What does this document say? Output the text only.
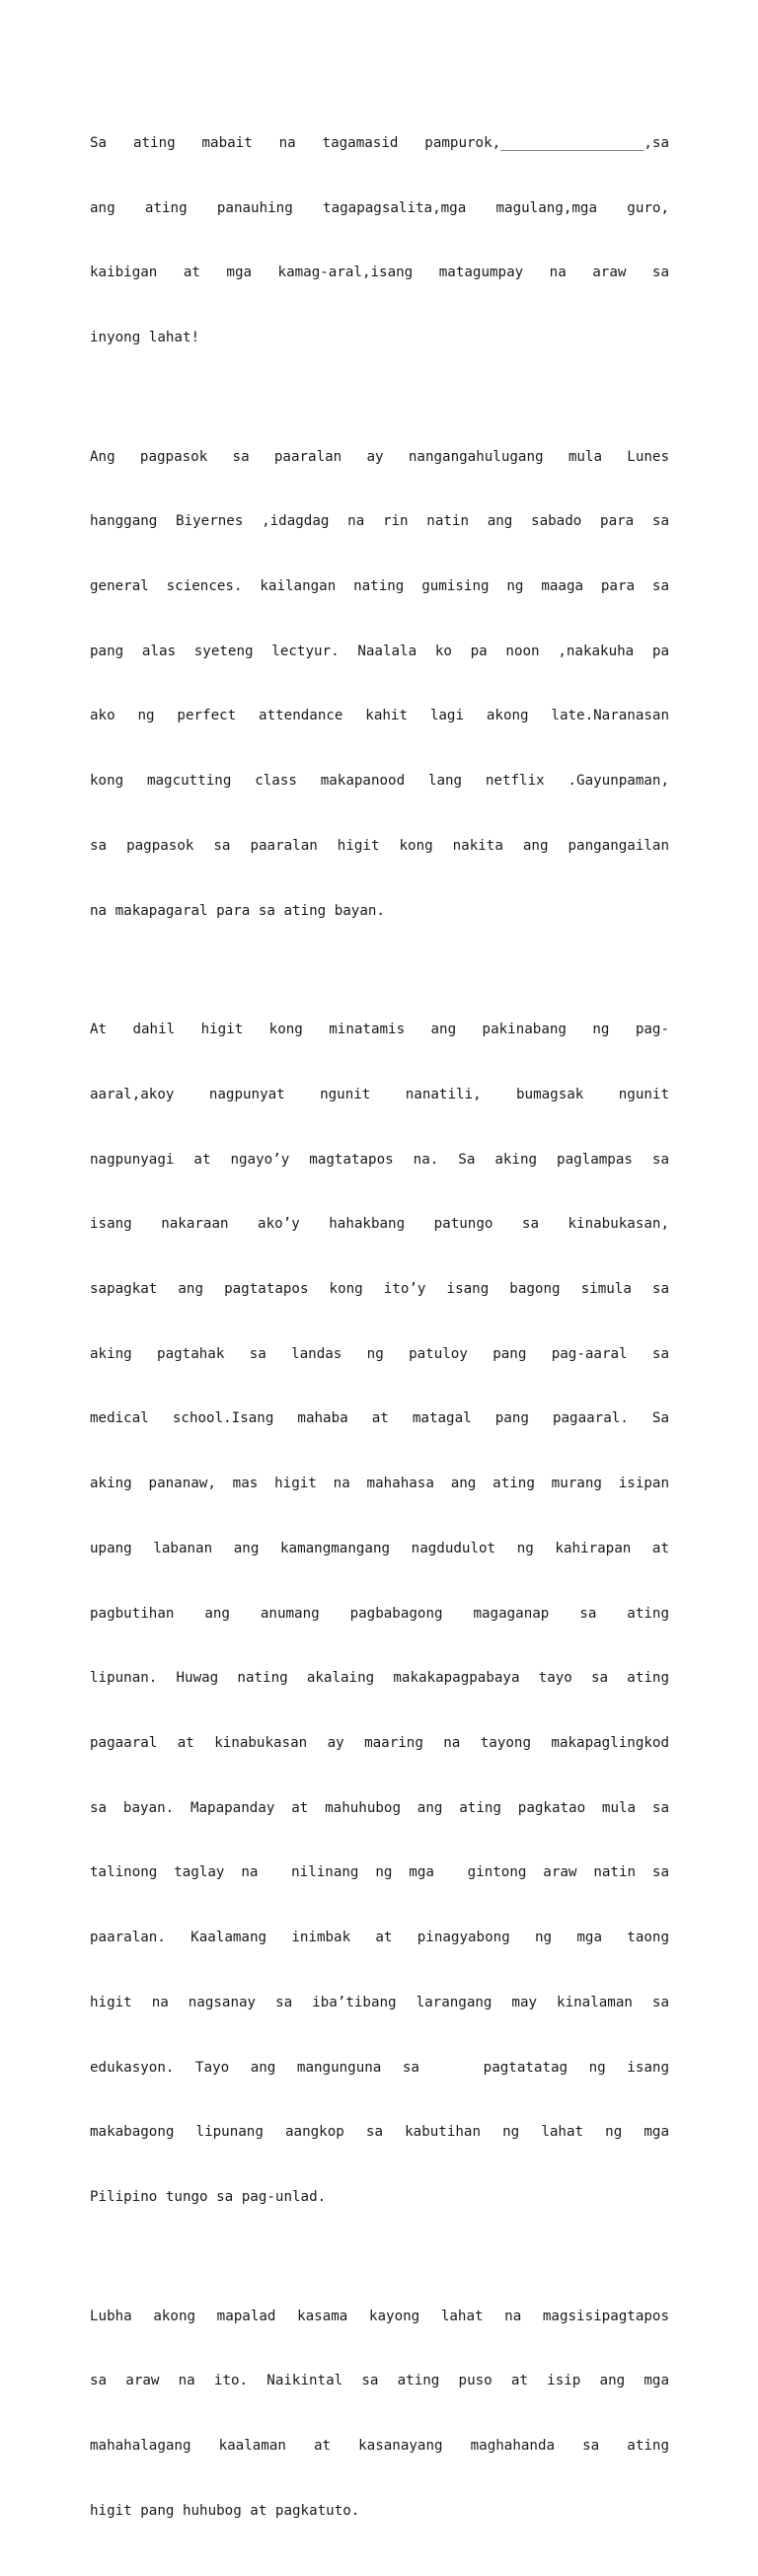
Sa ating mabait na tagamasid pampurok,_________________,sa

ang ating panauhing tagapagsalita,mga magulang,mga guro,

kaibigan at mga kamag-aral,isang matagumpay na araw sa

inyong lahat!

Ang pagpasok sa paaralan ay nangangahulugang mula Lunes

hanggang Biyernes ,idagdag na rin natin ang sabado para sa

general sciences. kailangan nating gumising ng maaga para sa

pang alas syeteng lectyur. Naalala ko pa noon ,nakakuha pa

ako ng perfect attendance kahit lagi akong late.Naranasan

kong magcutting class makapanood lang netflix .Gayunpaman,

sa pagpasok sa paaralan higit kong nakita ang pangangailan

na makapagaral para sa ating bayan.

At dahil higit kong minatamis ang pakinabang ng pag-

aaral,akoy nagpunyat ngunit nanatili, bumagsak ngunit

nagpunyagi at ngayo’y magtatapos na. Sa aking paglampas sa

isang nakaraan ako’y hahakbang patungo sa kinabukasan,

sapagkat ang pagtatapos kong ito’y isang bagong simula sa

aking pagtahak sa landas ng patuloy pang pag-aaral sa

medical school.Isang mahaba at matagal pang pagaaral. Sa

aking pananaw, mas higit na mahahasa ang ating murang isipan

upang labanan ang kamangmangang nagdudulot ng kahirapan at

pagbutihan ang anumang pagbabagong magaganap sa ating

lipunan. Huwag nating akalaing makakapagpabaya tayo sa ating

pagaaral at kinabukasan ay maaring na tayong makapaglingkod

sa bayan. Mapapanday at mahuhubog ang ating pagkatao mula sa

talinong taglay na  nilinang ng mga  gintong araw natin sa

paaralan. Kaalamang inimbak at pinagyabong ng mga taong

higit na nagsanay sa iba’tibang larangang may kinalaman sa

edukasyon. Tayo ang mangunguna sa   pagtatatag ng isang

makabagong lipunang aangkop sa kabutihan ng lahat ng mga

Pilipino tungo sa pag-unlad.

Lubha akong mapalad kasama kayong lahat na magsisipagtapos

sa araw na ito. Naikintal sa ating puso at isip ang mga

mahahalagang kaalaman at kasanayang maghahanda sa ating

higit pang huhubog at pagkatuto.
